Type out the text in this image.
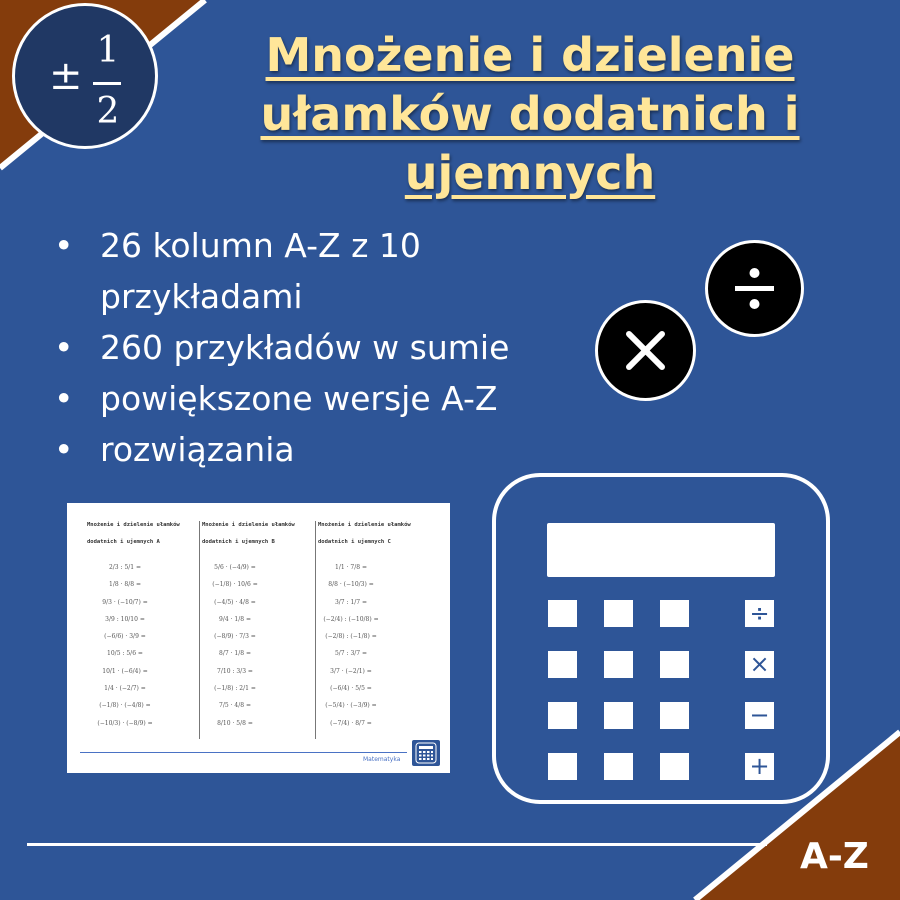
±
1
2
Mnożenie i dzielenie
ułamków dodatnich i
ujemnych
• 26 kolumn A-Z z 10 przykładami
• 260 przykładów w sumie
• powiększone wersje A-Z
• rozwiązania
Mnożenie i dzielenie ułamków
dodatnich i ujemnych A
Mnożenie i dzielenie ułamków
dodatnich i ujemnych B
Mnożenie i dzielenie ułamków
dodatnich i ujemnych C
2/3 : 5/1 =
1/8 · 8/8 =
9/3 · (−10/7) =
3/9 : 10/10 =
(−6/6) · 3/9 =
10/5 : 5/6 =
10/1 · (−6/4) =
1/4 · (−2/7) =
(−1/8) · (−4/8) =
(−10/3) · (−8/9) =
5/6 · (−4/9) =
(−1/8) · 10/6 =
(−4/5) · 4/8 =
9/4 · 1/8 =
(−8/9) · 7/3 =
8/7 · 1/8 =
7/10 : 3/3 =
(−1/8) : 2/1 =
7/5 · 4/8 =
8/10 · 5/8 =
1/1 · 7/8 =
8/8 · (−10/3) =
3/7 : 1/7 =
(−2/4) : (−10/8) =
(−2/8) : (−1/8) =
5/7 : 3/7 =
3/7 · (−2/1) =
(−6/4) · 5/5 =
(−5/4) · (−3/9) =
(−7/4) · 8/7 =
Matematyka
÷
×
−
+
A-Z
